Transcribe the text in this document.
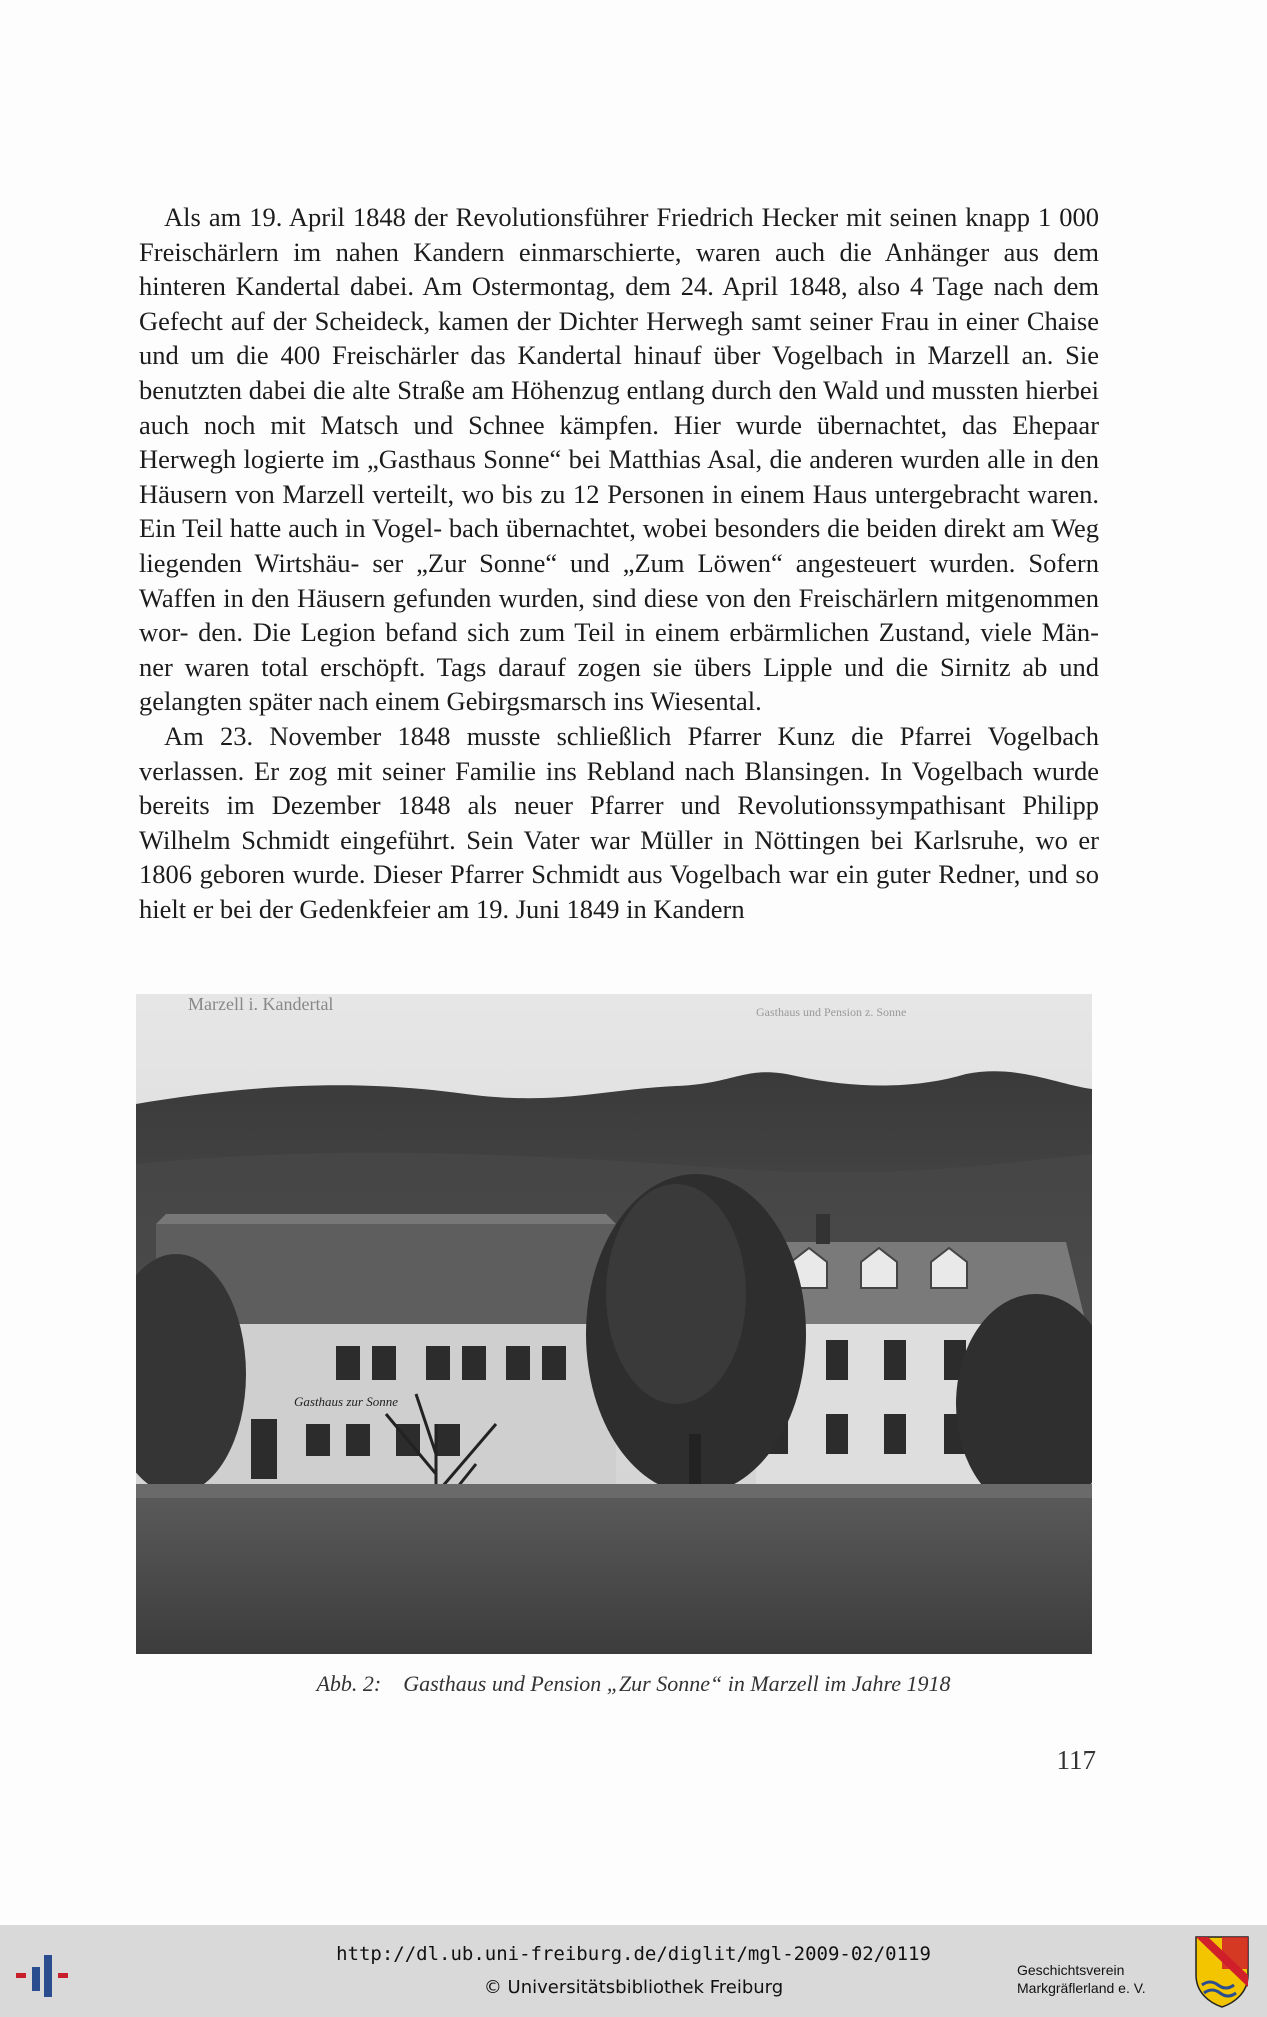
Als am 19. April 1848 der Revolutionsführer Friedrich Hecker mit seinen knapp 1 000 Freischärlern im nahen Kandern einmarschierte, waren auch die Anhänger aus dem hinteren Kandertal dabei. Am Ostermontag, dem 24. April 1848, also 4 Tage nach dem Gefecht auf der Scheideck, kamen der Dichter Herwegh samt seiner Frau in einer Chaise und um die 400 Freischärler das Kandertal hinauf über Vogelbach in Marzell an. Sie benutzten dabei die alte Straße am Höhenzug entlang durch den Wald und mussten hierbei auch noch mit Matsch und Schnee kämpfen. Hier wurde übernachtet, das Ehepaar Herwegh logierte im „Gasthaus Sonne“ bei Matthias Asal, die anderen wurden alle in den Häusern von Marzell verteilt, wo bis zu 12 Personen in einem Haus untergebracht waren. Ein Teil hatte auch in Vogel- bach übernachtet, wobei besonders die beiden direkt am Weg liegenden Wirtshäu- ser „Zur Sonne“ und „Zum Löwen“ angesteuert wurden. Sofern Waffen in den Häusern gefunden wurden, sind diese von den Freischärlern mitgenommen wor- den. Die Legion befand sich zum Teil in einem erbärmlichen Zustand, viele Män- ner waren total erschöpft. Tags darauf zogen sie übers Lipple und die Sirnitz ab und gelangten später nach einem Gebirgsmarsch ins Wiesental.

Am 23. November 1848 musste schließlich Pfarrer Kunz die Pfarrei Vogelbach verlassen. Er zog mit seiner Familie ins Rebland nach Blansingen. In Vogelbach wurde bereits im Dezember 1848 als neuer Pfarrer und Revolutionssympathisant Philipp Wilhelm Schmidt eingeführt. Sein Vater war Müller in Nöttingen bei Karlsruhe, wo er 1806 geboren wurde. Dieser Pfarrer Schmidt aus Vogelbach war ein guter Redner, und so hielt er bei der Gedenkfeier am 19. Juni 1849 in Kandern

Marzell i. Kandertal	Gasthaus und Pension z. Sonne
Gasthaus zur Sonne
Abb. 2: Gasthaus und Pension „Zur Sonne“ in Marzell im Jahre 1918
117
http://dl.ub.uni-freiburg.de/diglit/mgl-2009-02/0119
© Universitätsbibliothek Freiburg
Geschichtsverein
Markgräflerland e. V.
